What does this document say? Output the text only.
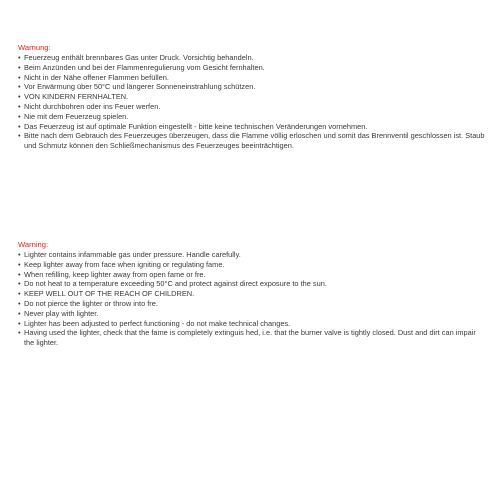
Warnung:
• Feuerzeug enthält brennbares Gas unter Druck. Vorsichtig behandeln.
• Beim Anzünden und bei der Flammenregulierung vom Gesicht fernhalten.
• Nicht in der Nähe offener Flammen befüllen.
• Vor Erwärmung über 50°C und längerer Sonneneinstrahlung schützen.
• VON KINDERN FERNHALTEN.
• Nicht durchbohren oder ins Feuer werfen.
• Nie mit dem Feuerzeug spielen.
• Das Feuerzeug ist auf optimale Funktion eingestellt - bitte keine technischen Veränderungen vornehmen.
• Bitte nach dem Gebrauch des Feuerzeuges überzeugen, dass die Flamme völlig erloschen und somit das Brennventil geschlossen ist. Staub und Schmutz können den Schließmechanismus des Feuerzeuges beeinträchtigen.
Warning:
• Lighter contains infammable gas under pressure. Handle carefully.
• Keep lighter away from face when igniting or regulating fame.
• When refilling, keep lighter away from open fame or fre.
• Do not heat to a temperature exceeding 50°C and protect against direct exposure to the sun.
• KEEP WELL OUT OF THE REACH OF CHILDREN.
• Do not pierce the lighter or throw into fre.
• Never play with lighter.
• Lighter has been adjusted to perfect functioning - do not make technical changes.
• Having used the lighter, check that the fame is completely extinguis hed, i.e. that the burner valve is tightly closed. Dust and dirt can impair the lighter.
